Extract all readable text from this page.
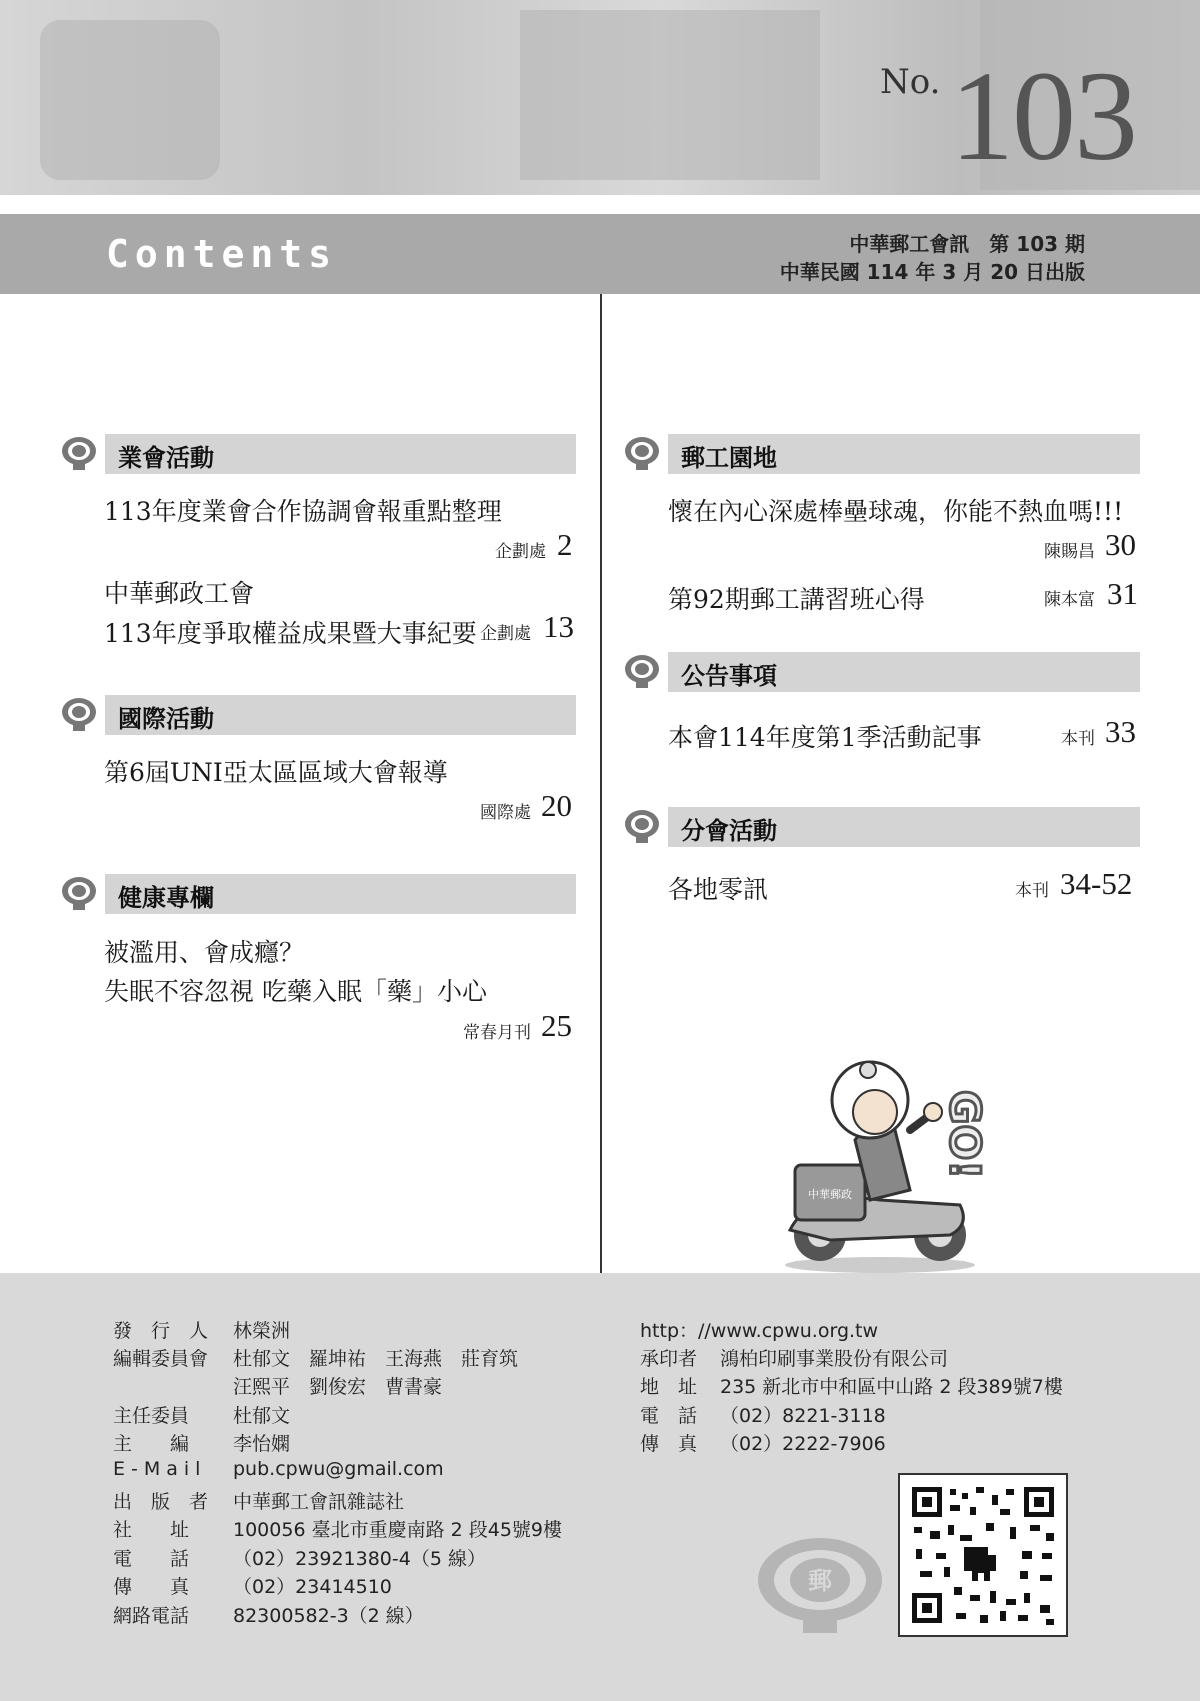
No. 103
Contents	中華郵工會訊　第 103 期
中華民國 114 年 3 月 20 日出版
業會活動
113年度業會合作協調會報重點整理
企劃處 2
中華郵政工會
113年度爭取權益成果暨大事紀要 企劃處 13
國際活動
第6屆UNI亞太區區域大會報導
國際處 20
健康專欄
被濫用、會成癮？
失眠不容忽視 吃藥入眠「藥」小心
常春月刊 25
郵工園地
懷在內心深處棒壘球魂，你能不熱血嗎!!!
陳賜昌 30
第92期郵工講習班心得	陳本富 31
公告事項
本會114年度第1季活動記事	本刊 33
分會活動
各地零訊	本刊 34-52
中華郵政
GO!
發　行　人 林榮洲
編輯委員會 杜郁文　羅坤祐　王海燕　莊育筑
汪熙平　劉俊宏　曹書豪
主任委員 杜郁文
主　　編 李怡嫻
E-Mail pub.cpwu@gmail.com
出　版　者 中華郵工會訊雜誌社
社　　址 100056 臺北市重慶南路 2 段45號9樓
電　　話 （02）23921380-4（5 線）
傳　　真 （02）23414510
網路電話 82300582-3（2 線）
http：//www.cpwu.org.tw
承印者 鴻柏印刷事業股份有限公司
地　址 235 新北市中和區中山路 2 段389號7樓
電　話 （02）8221-3118
傳　真 （02）2222-7906
郵
